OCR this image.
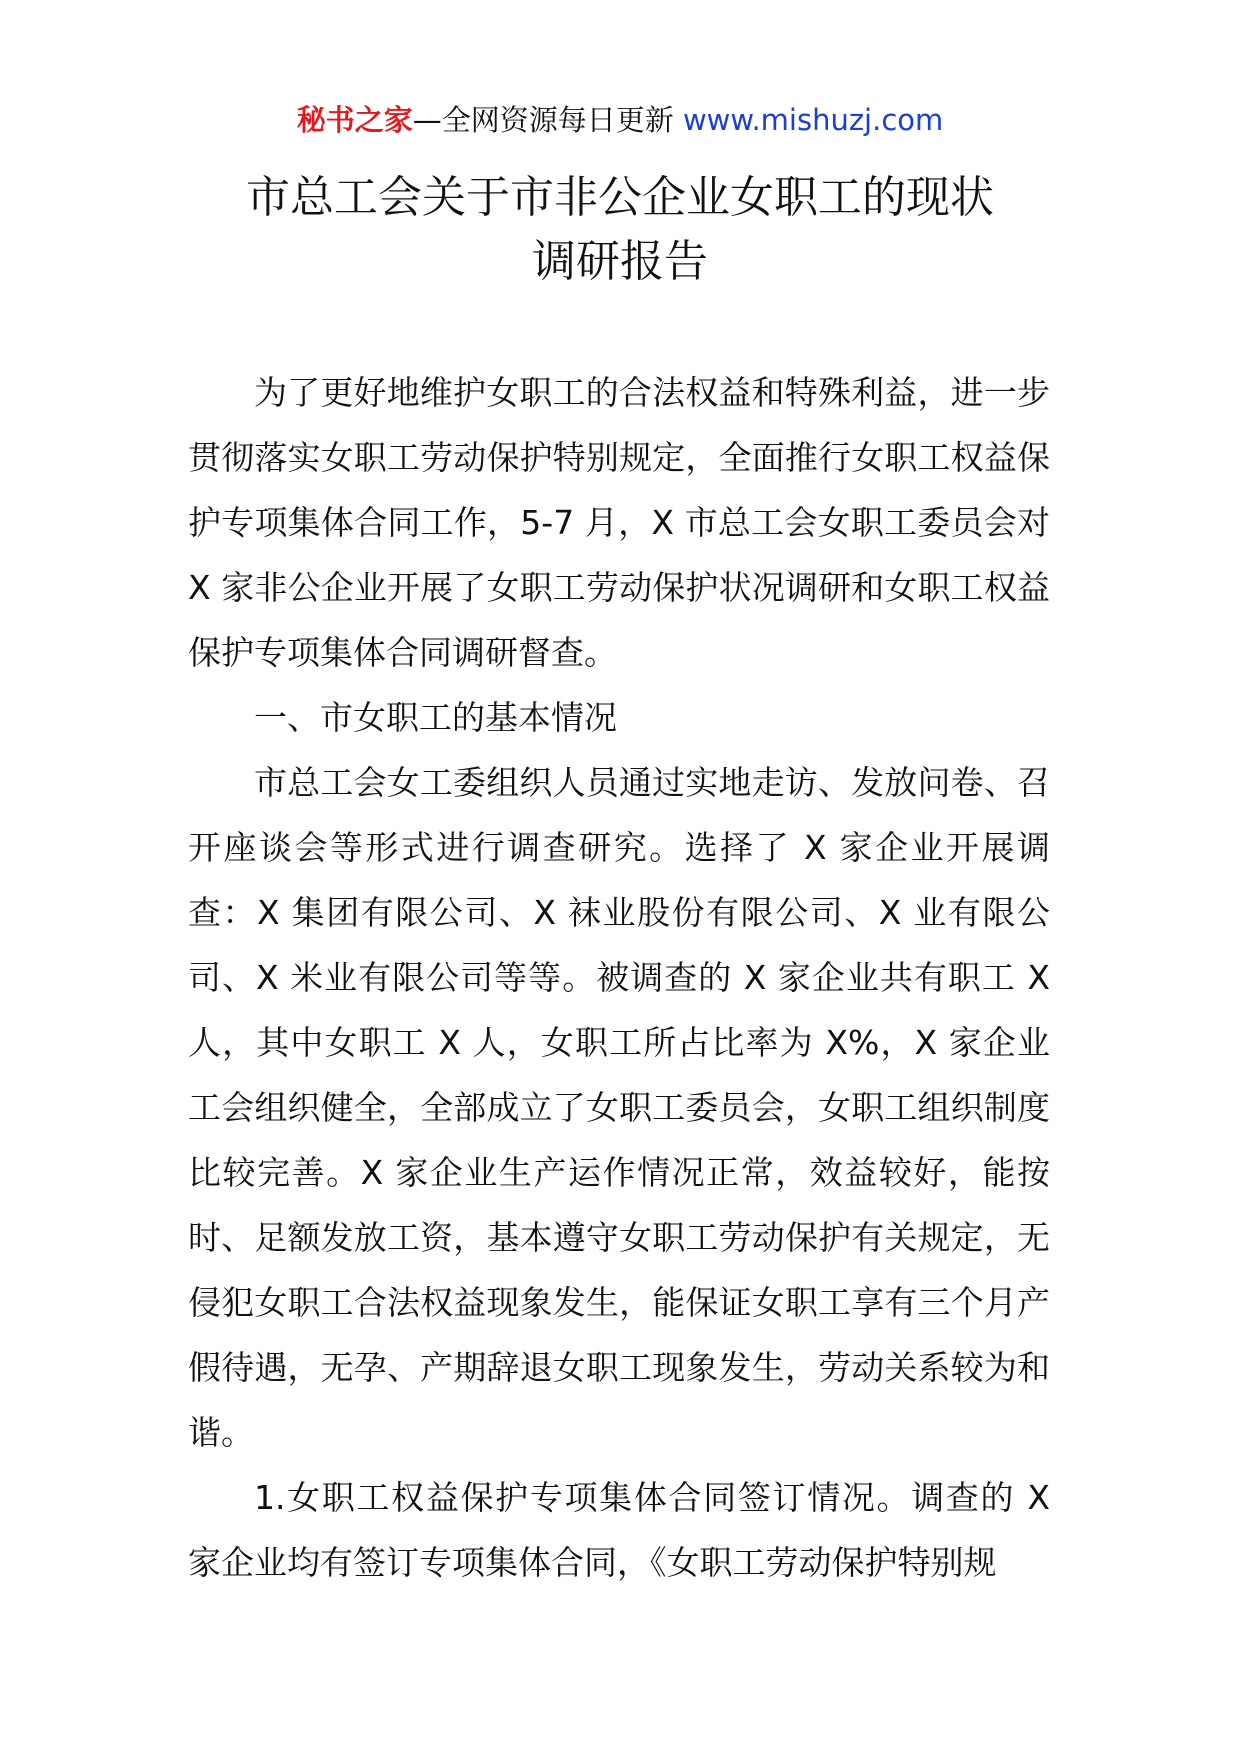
秘书之家—全网资源每日更新 www.mishuzj.com
市总工会关于市非公企业女职工的现状
调研报告

为了更好地维护女职工的合法权益和特殊利益，进一步贯彻落实女职工劳动保护特别规定，全面推行女职工权益保护专项集体合同工作，5-7 月，X 市总工会女职工委员会对 X 家非公企业开展了女职工劳动保护状况调研和女职工权益保护专项集体合同调研督查。

一、市女职工的基本情况

市总工会女工委组织人员通过实地走访、发放问卷、召开座谈会等形式进行调查研究。选择了 X 家企业开展调查：X 集团有限公司、X 袜业股份有限公司、X 业有限公司、X 米业有限公司等等。被调查的 X 家企业共有职工 X 人，其中女职工 X 人，女职工所占比率为 X%，X 家企业工会组织健全，全部成立了女职工委员会，女职工组织制度比较完善。X 家企业生产运作情况正常，效益较好，能按时、足额发放工资，基本遵守女职工劳动保护有关规定，无侵犯女职工合法权益现象发生，能保证女职工享有三个月产假待遇，无孕、产期辞退女职工现象发生，劳动关系较为和谐。

1.女职工权益保护专项集体合同签订情况。调查的 X 家企业均有签订专项集体合同，《女职工劳动保护特别规
